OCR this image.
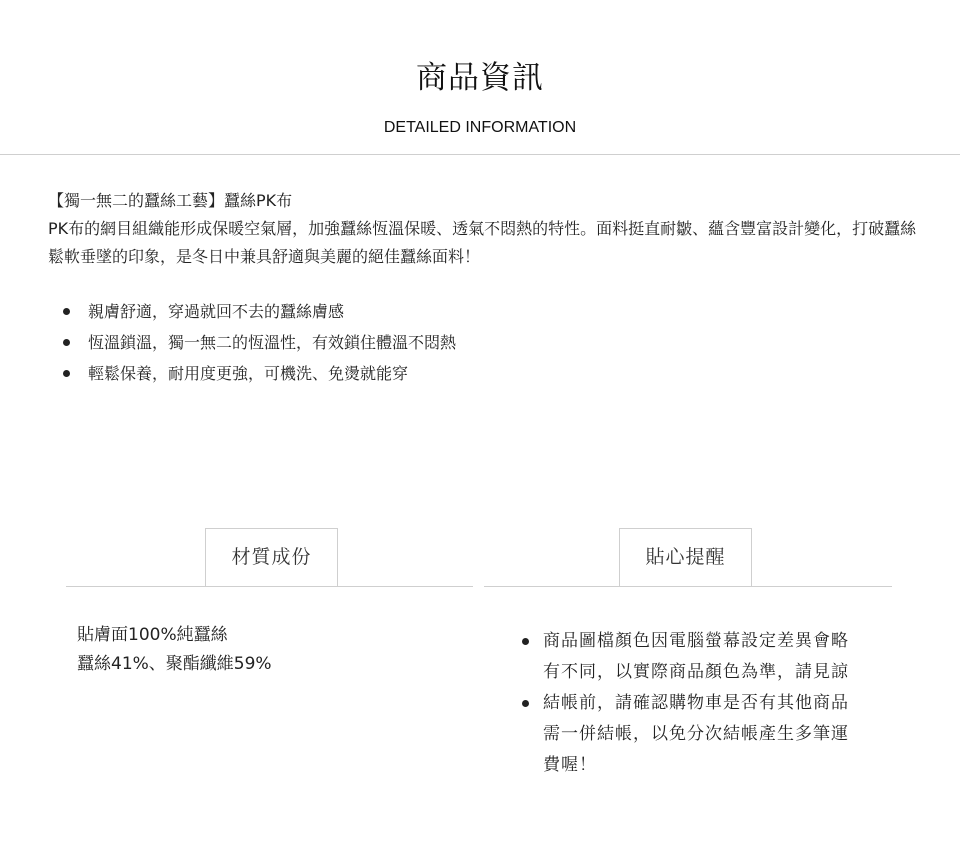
商品資訊
DETAILED INFORMATION

【獨一無二的蠶絲工藝】蠶絲PK布

PK布的網目組織能形成保暖空氣層，加強蠶絲恆溫保暖、透氣不悶熱的特性。面料挺直耐皺、蘊含豐富設計變化，打破蠶絲鬆軟垂墜的印象，是冬日中兼具舒適與美麗的絕佳蠶絲面料！

親膚舒適，穿過就回不去的蠶絲膚感
恆溫鎖溫，獨一無二的恆溫性，有效鎖住體溫不悶熱
輕鬆保養，耐用度更強，可機洗、免燙就能穿
材質成份
貼膚面100%純蠶絲
蠶絲41%、聚酯纖維59%
貼心提醒
商品圖檔顏色因電腦螢幕設定差異會略有不同，以實際商品顏色為準，請見諒
結帳前，請確認購物車是否有其他商品需一併結帳，以免分次結帳產生多筆運費喔！
